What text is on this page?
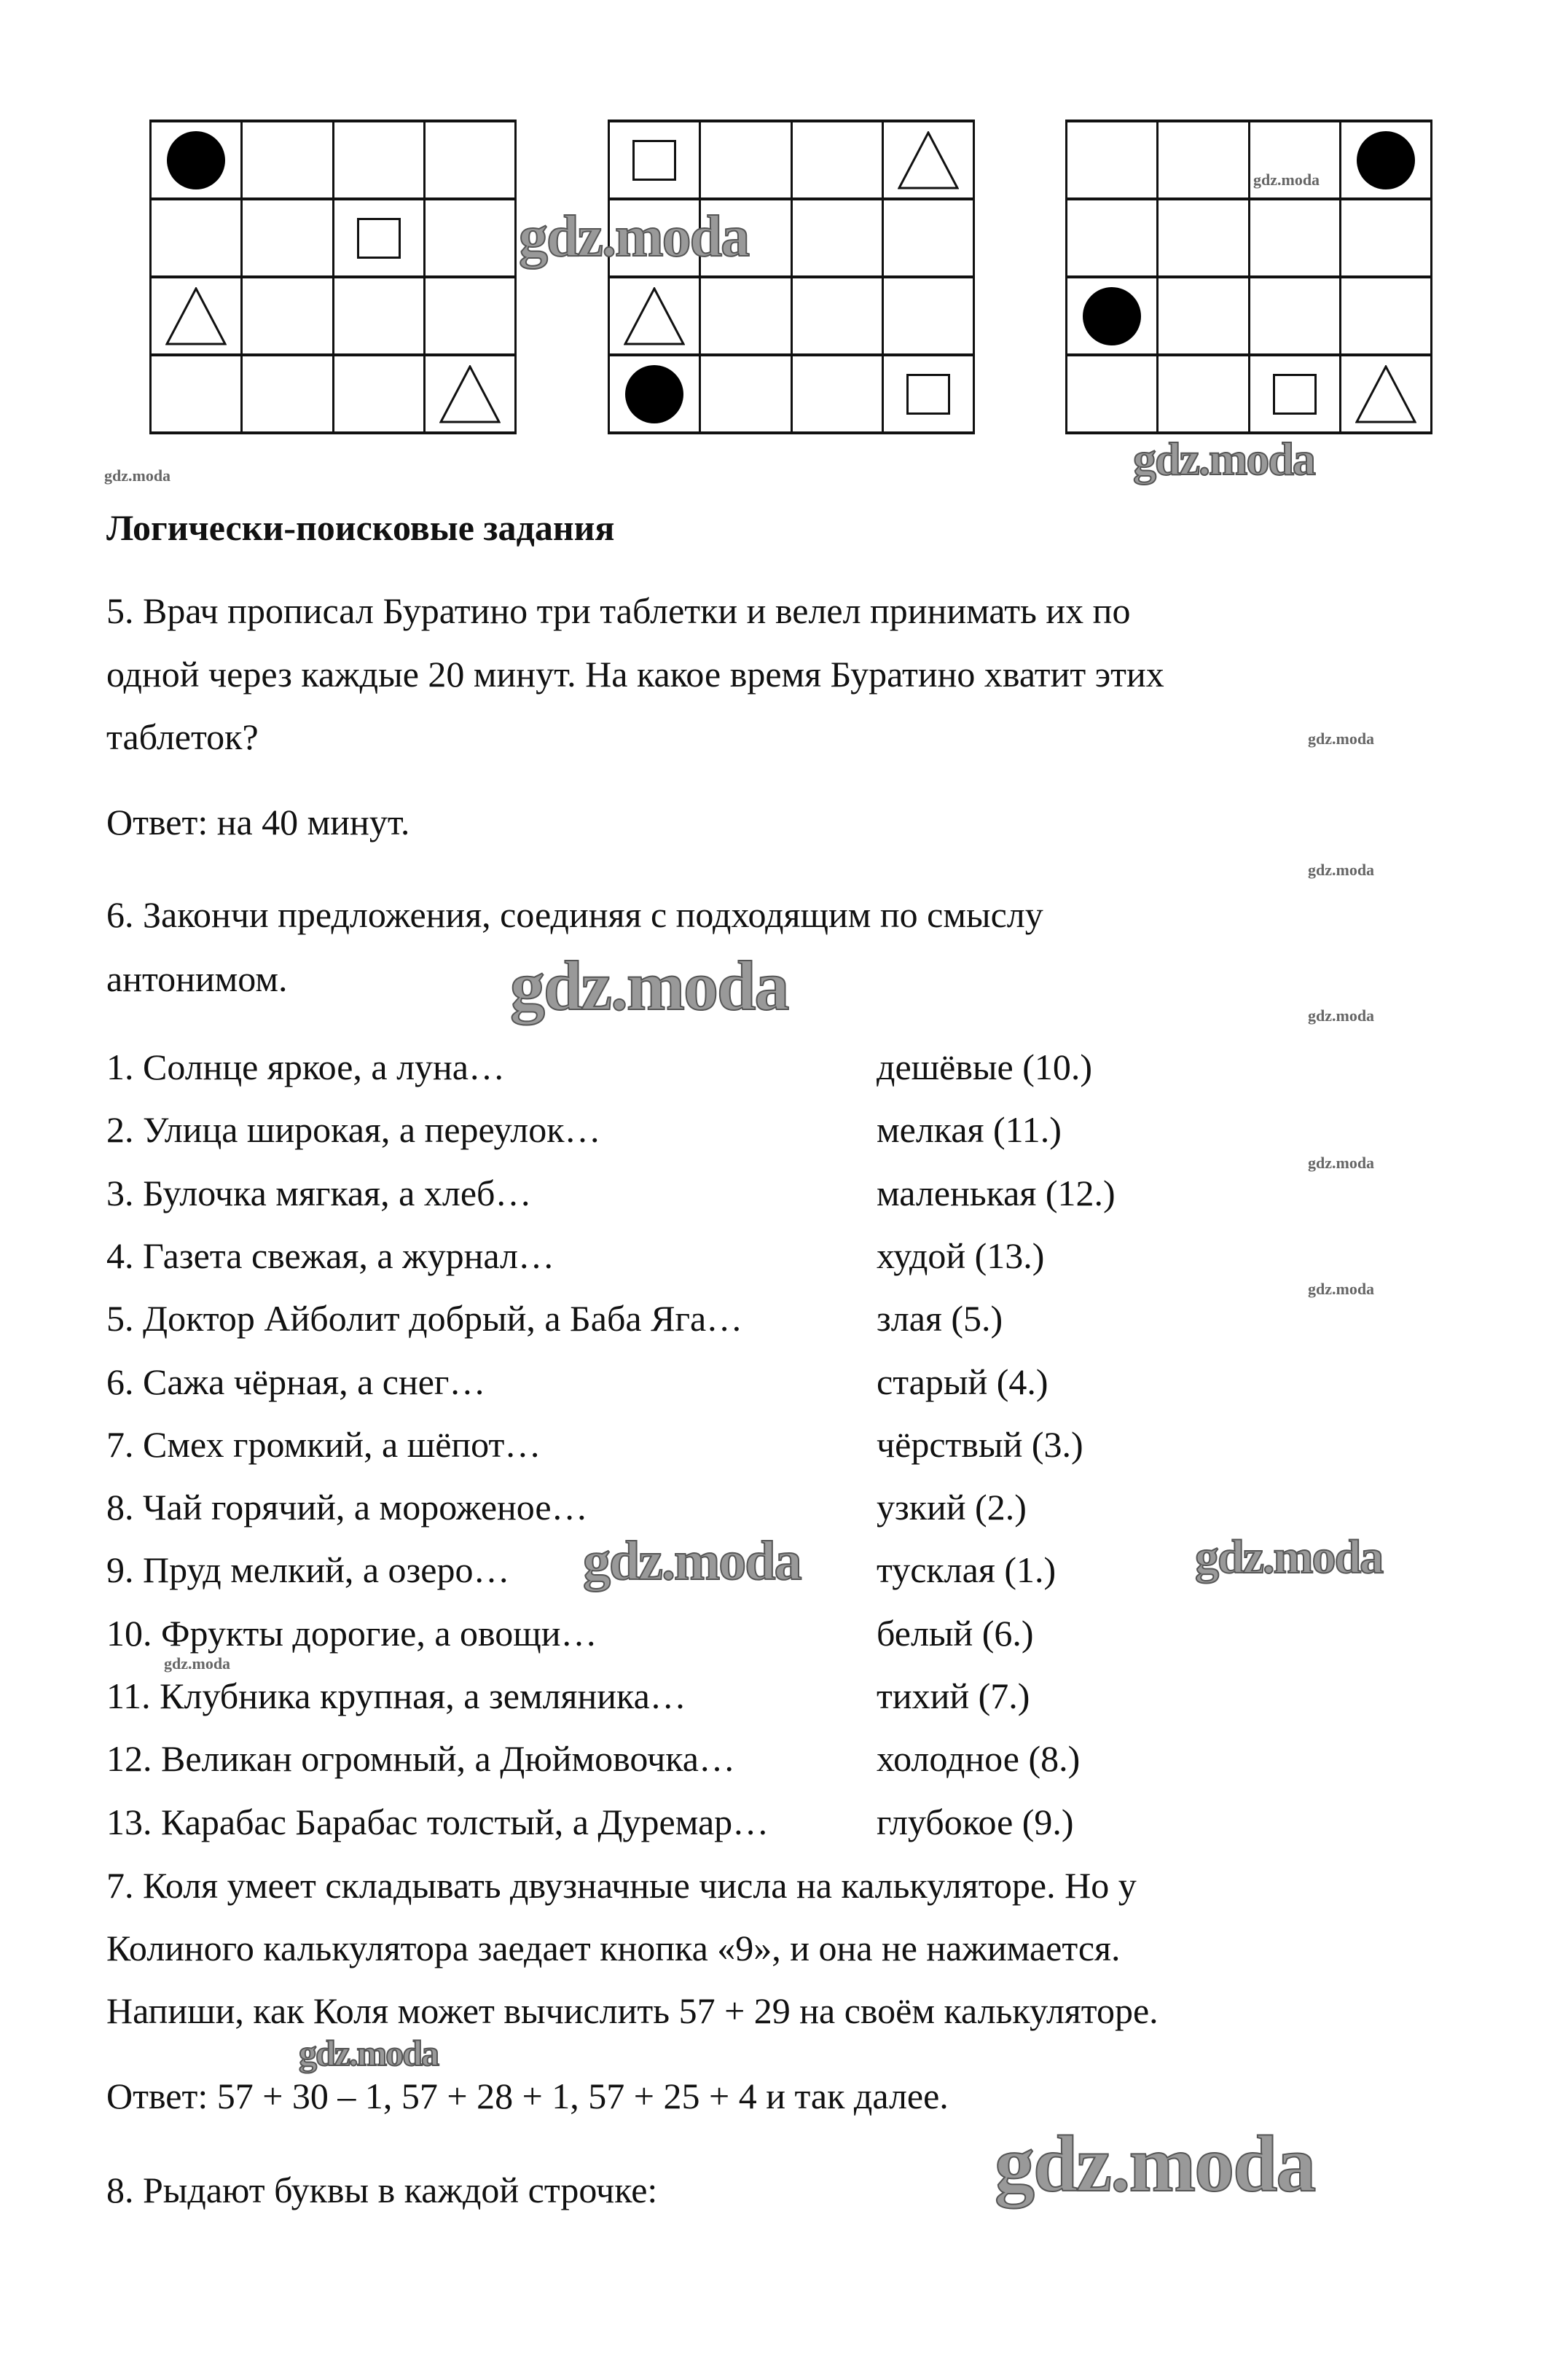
Логически-поисковые задания
5. Врач прописал Буратино три таблетки и велел принимать их по
одной через каждые 20 минут. На какое время Буратино хватит этих
таблеток?
Ответ: на 40 минут.
6. Закончи предложения, соединяя с подходящим по смыслу
антонимом.
1. Солнце яркое, а луна…	дешёвые (10.)
2. Улица широкая, а переулок…	мелкая (11.)
3. Булочка мягкая, а хлеб…	маленькая (12.)
4. Газета свежая, а журнал…	худой (13.)
5. Доктор Айболит добрый, а Баба Яга…	злая (5.)
6. Сажа чёрная, а снег…	старый (4.)
7. Смех громкий, а шёпот…	чёрствый (3.)
8. Чай горячий, а мороженое…	узкий (2.)
9. Пруд мелкий, а озеро…	тусклая (1.)
10. Фрукты дорогие, а овощи…	белый (6.)
11. Клубника крупная, а земляника…	тихий (7.)
12. Великан огромный, а Дюймовочка…	холодное (8.)
13. Карабас Барабас толстый, а Дуремар…	глубокое (9.)
7. Коля умеет складывать двузначные числа на калькуляторе. Но у
Колиного калькулятора заедает кнопка «9», и она не нажимается.
Напиши, как Коля может вычислить 57 + 29 на своём калькуляторе.
Ответ: 57 + 30 – 1, 57 + 28 + 1, 57 + 25 + 4 и так далее.
8. Рыдают буквы в каждой строчке:
gdz.moda
gdz.moda
gdz.moda
gdz.moda
gdz.moda
gdz.moda
gdz.moda
gdz.moda
gdz.moda
gdz.moda
gdz.moda	gdz.moda
gdz.moda
gdz.moda
gdz.moda
